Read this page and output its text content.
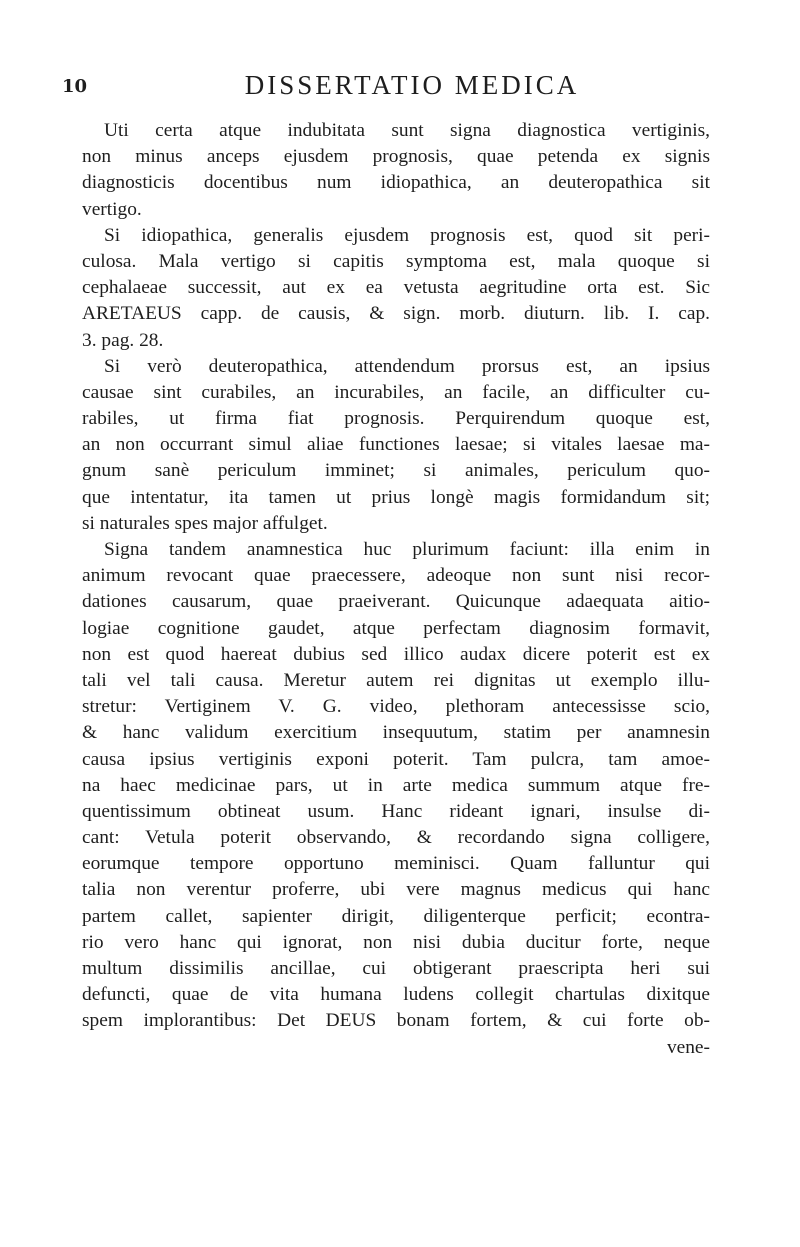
10	DISSERTATIO MEDICA
Uti certa atque indubitata sunt signa diagnostica vertiginis,
non minus anceps ejusdem prognosis, quae petenda ex signis
diagnosticis docentibus num idiopathica, an deuteropathica sit
vertigo.
Si idiopathica, generalis ejusdem prognosis est, quod sit peri-
culosa. Mala vertigo si capitis symptoma est, mala quoque si
cephalaeae successit, aut ex ea vetusta aegritudine orta est. Sic
ARETAEUS capp. de causis, & sign. morb. diuturn. lib. I. cap.
3. pag. 28.
Si verò deuteropathica, attendendum prorsus est, an ipsius
causae sint curabiles, an incurabiles, an facile, an difficulter cu-
rabiles, ut firma fiat prognosis. Perquirendum quoque est,
an non occurrant simul aliae functiones laesae; si vitales laesae ma-
gnum sanè periculum imminet; si animales, periculum quo-
que intentatur, ita tamen ut prius longè magis formidandum sit;
si naturales spes major affulget.
Signa tandem anamnestica huc plurimum faciunt: illa enim in
animum revocant quae praecessere, adeoque non sunt nisi recor-
dationes causarum, quae praeiverant. Quicunque adaequata aitio-
logiae cognitione gaudet, atque perfectam diagnosim formavit,
non est quod haereat dubius sed illico audax dicere poterit est ex
tali vel tali causa. Meretur autem rei dignitas ut exemplo illu-
stretur: Vertiginem V. G. video, plethoram antecessisse scio,
& hanc validum exercitium insequutum, statim per anamnesin
causa ipsius vertiginis exponi poterit. Tam pulcra, tam amoe-
na haec medicinae pars, ut in arte medica summum atque fre-
quentissimum obtineat usum. Hanc rideant ignari, insulse di-
cant: Vetula poterit observando, & recordando signa colligere,
eorumque tempore opportuno meminisci. Quam falluntur qui
talia non verentur proferre, ubi vere magnus medicus qui hanc
partem callet, sapienter dirigit, diligenterque perficit; econtra-
rio vero hanc qui ignorat, non nisi dubia ducitur forte, neque
multum dissimilis ancillae, cui obtigerant praescripta heri sui
defuncti, quae de vita humana ludens collegit chartulas dixitque
spem implorantibus: Det DEUS bonam fortem, & cui forte ob-
vene-
